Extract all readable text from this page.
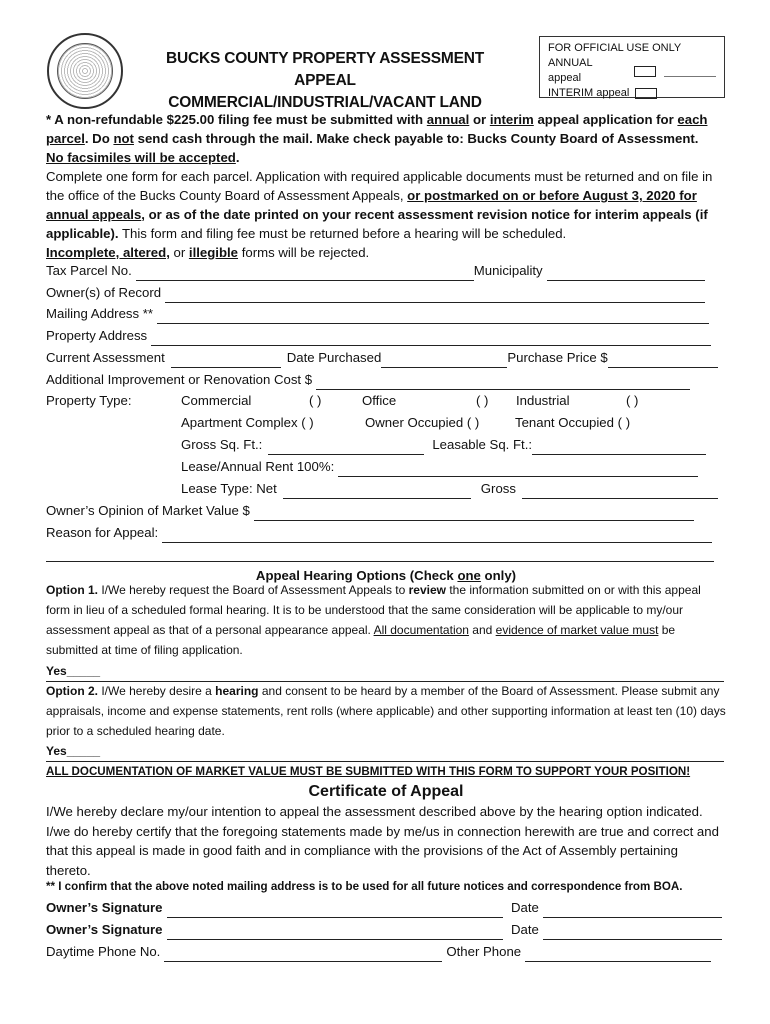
BUCKS COUNTY PROPERTY ASSESSMENT APPEAL
COMMERCIAL/INDUSTRIAL/VACANT LAND
FOR OFFICIAL USE ONLY
ANNUAL appeal
INTERIM appeal
* A non-refundable $225.00 filing fee must be submitted with annual or interim appeal application for each parcel. Do not send cash through the mail. Make check payable to: Bucks County Board of Assessment.
No facsimiles will be accepted.
Complete one form for each parcel. Application with required applicable documents must be returned and on file in the office of the Bucks County Board of Assessment Appeals, or postmarked on or before August 3, 2020 for annual appeals, or as of the date printed on your recent assessment revision notice for interim appeals (if applicable). This form and filing fee must be returned before a hearing will be scheduled.
Incomplete, altered, or illegible forms will be rejected.
Tax Parcel No.	Municipality
Owner(s) of Record
Mailing Address **
Property Address
Current Assessment	Date Purchased	Purchase Price $
Additional Improvement or Renovation Cost $
Property Type:	Commercial	( )	Office	( )	Industrial	( )
Apartment Complex ( )	Owner Occupied ( )	Tenant Occupied ( )
Gross Sq. Ft.:	Leasable Sq. Ft.:
Lease/Annual Rent 100%:
Lease Type: Net	Gross
Owner’s Opinion of Market Value $
Reason for Appeal:
Appeal Hearing Options (Check one only)
Option 1. I/We hereby request the Board of Assessment Appeals to review the information submitted on or with this appeal form in lieu of a scheduled formal hearing. It is to be understood that the same consideration will be applicable to my/our assessment appeal as that of a personal appearance appeal. All documentation and evidence of market value must be submitted at time of filing application.
Yes_____
Option 2. I/We hereby desire a hearing and consent to be heard by a member of the Board of Assessment. Please submit any appraisals, income and expense statements, rent rolls (where applicable) and other supporting information at least ten (10) days prior to a scheduled hearing date.
Yes_____
ALL DOCUMENTATION OF MARKET VALUE MUST BE SUBMITTED WITH THIS FORM TO SUPPORT YOUR POSITION!
Certificate of Appeal
I/We hereby declare my/our intention to appeal the assessment described above by the hearing option indicated. I/we do hereby certify that the foregoing statements made by me/us in connection herewith are true and correct and that this appeal is made in good faith and in compliance with the provisions of the Act of Assembly pertaining thereto.
** I confirm that the above noted mailing address is to be used for all future notices and correspondence from BOA.
Owner’s Signature	Date
Owner’s Signature	Date
Daytime Phone No.	Other Phone
